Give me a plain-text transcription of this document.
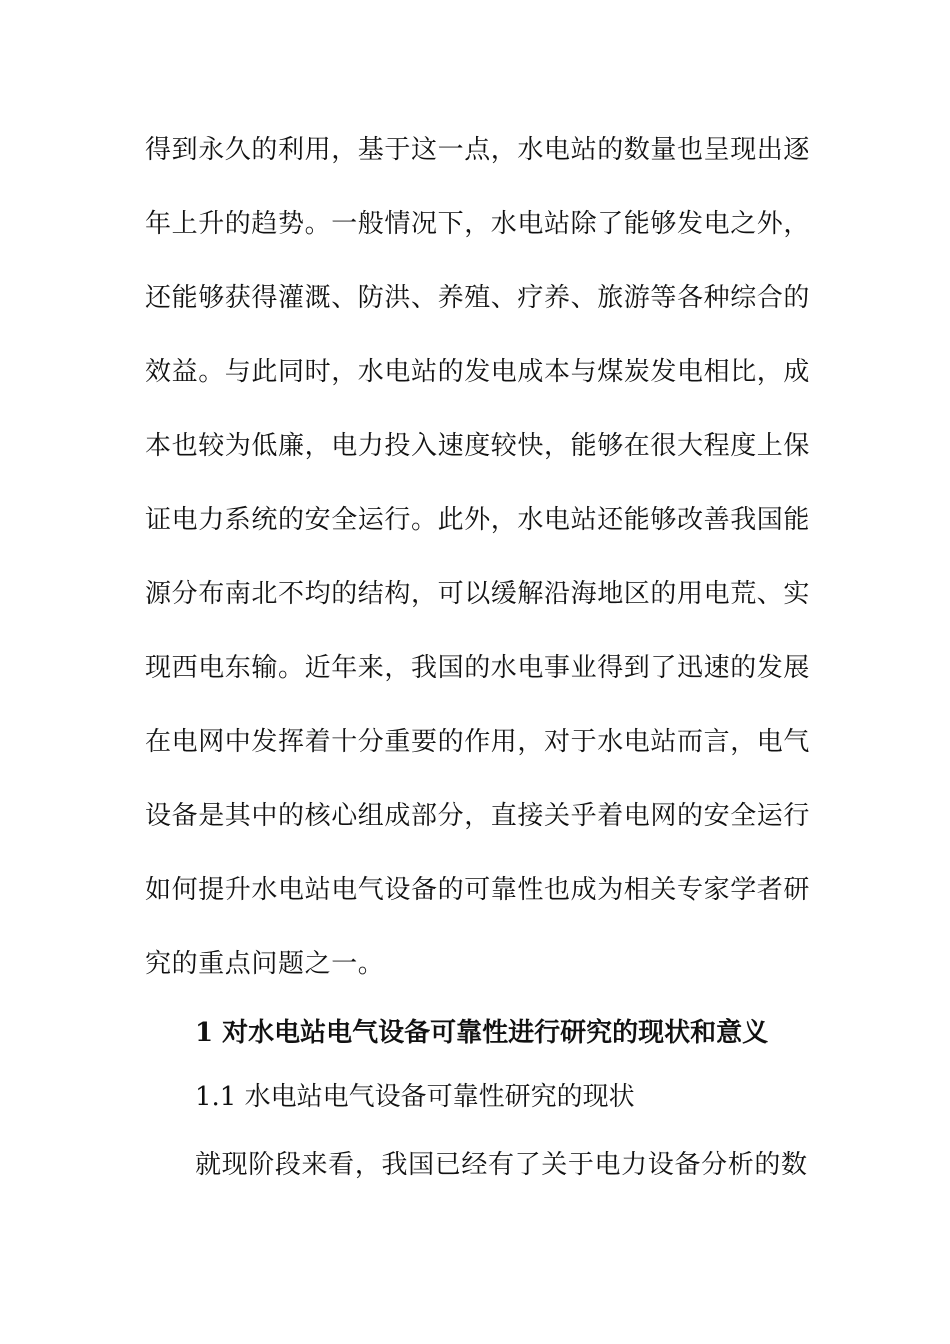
得到永久的利用，基于这一点，水电站的数量也呈现出逐
年上升的趋势。一般情况下，水电站除了能够发电之外，
还能够获得灌溉、防洪、养殖、疗养、旅游等各种综合的
效益。与此同时，水电站的发电成本与煤炭发电相比，成
本也较为低廉，电力投入速度较快，能够在很大程度上保
证电力系统的安全运行。此外，水电站还能够改善我国能
源分布南北不均的结构，可以缓解沿海地区的用电荒、实
现西电东输。近年来，我国的水电事业得到了迅速的发展
在电网中发挥着十分重要的作用，对于水电站而言，电气
设备是其中的核心组成部分，直接关乎着电网的安全运行
如何提升水电站电气设备的可靠性也成为相关专家学者研
究的重点问题之一。
1 对水电站电气设备可靠性进行研究的现状和意义
1.1 水电站电气设备可靠性研究的现状
就现阶段来看，我国已经有了关于电力设备分析的数
